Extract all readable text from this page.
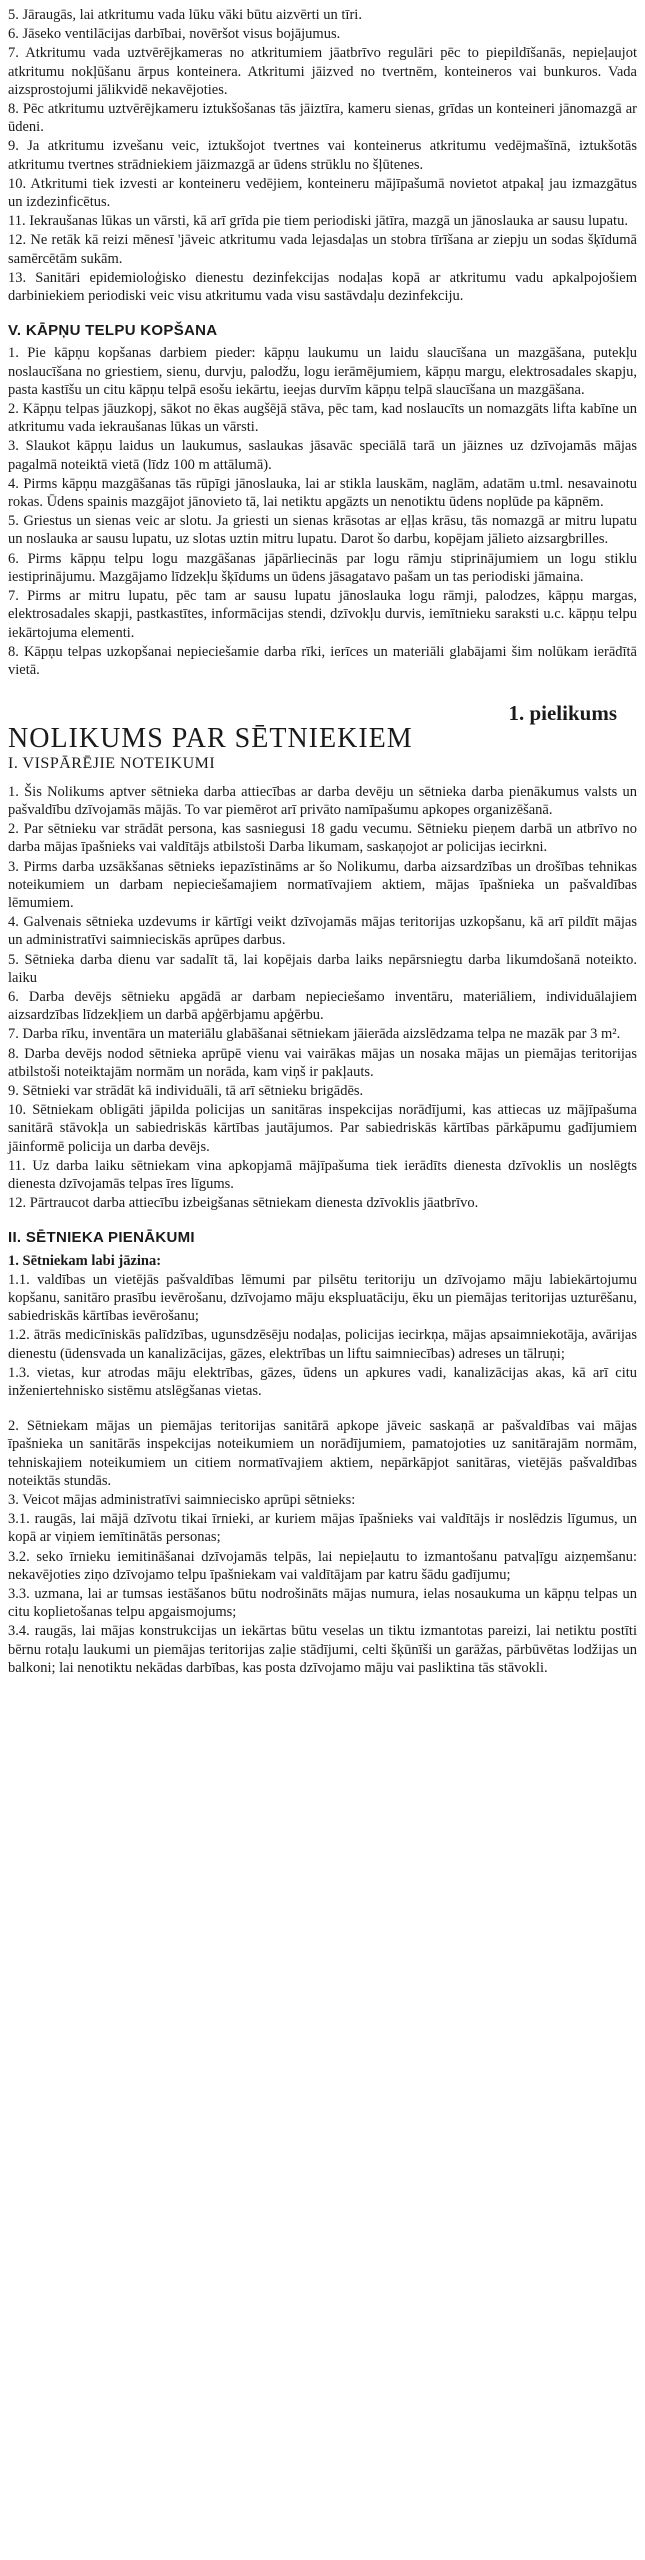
5. Jāraugās, lai atkritumu vada lūku vāki būtu aizvērti un tīri.

6. Jāseko ventilācijas darbībai, novēršot visus bojājumus.

7. Atkritumu vada uztvērējkameras no atkritumiem jāatbrīvo regulāri pēc to piepildīšanās, nepieļaujot atkritumu nokļūšanu ārpus konteinera. Atkritumi jāizved no tvertnēm, konteineros vai bunkuros. Vada aizsprostojumi jālikvidē nekavējoties.

8. Pēc atkritumu uztvērējkameru iztukšošanas tās jāiztīra, kameru sienas, grīdas un konteineri jānomazgā ar ūdeni.

9. Ja atkritumu izvešanu veic, iztukšojot tvertnes vai konteinerus atkritumu vedējmašīnā, iztukšotās atkritumu tvertnes strādniekiem jāizmazgā ar ūdens strūklu no šļūtenes.

10. Atkritumi tiek izvesti ar konteineru vedējiem, konteineru mājīpašumā novietot atpakaļ jau izmazgātus un izdezinficētus.

11. Iekraušanas lūkas un vārsti, kā arī grīda pie tiem periodiski jātīra, mazgā un jānoslauka ar sausu lupatu.

12. Ne retāk kā reizi mēnesī 'jāveic atkritumu vada lejasdaļas un stobra tīrīšana ar ziepju un sodas šķīdumā samērcētām sukām.

13. Sanitāri epidemioloģisko dienestu dezinfekcijas nodaļas kopā ar atkritumu vadu apkalpojošiem darbiniekiem periodiski veic visu atkritumu vada visu sastāvdaļu dezinfekciju.

V. KĀPŅU TELPU KOPŠANA

1. Pie kāpņu kopšanas darbiem pieder: kāpņu laukumu un laidu slaucīšana un mazgāšana, putekļu noslaucīšana no griestiem, sienu, durvju, palodžu, logu ierāmējumiem, kāpņu margu, elektrosadales skapju, pasta kastīšu un citu kāpņu telpā esošu iekārtu, ieejas durvīm kāpņu telpā slaucīšana un mazgāšana.

2. Kāpņu telpas jāuzkopj, sākot no ēkas augšējā stāva, pēc tam, kad noslaucīts un nomazgāts lifta kabīne un atkritumu vada iekraušanas lūkas un vārsti.

3. Slaukot kāpņu laidus un laukumus, saslaukas jāsavāc speciālā tarā un jāiznes uz dzīvojamās mājas pagalmā noteiktā vietā (līdz 100 m attālumā).

4. Pirms kāpņu mazgāšanas tās rūpīgi jānoslauka, lai ar stikla lauskām, naglām, adatām u.tml. nesavainotu rokas. Ūdens spainis mazgājot jānovieto tā, lai netiktu apgāzts un nenotiktu ūdens noplūde pa kāpnēm.

5. Griestus un sienas veic ar slotu. Ja griesti un sienas krāsotas ar eļļas krāsu, tās nomazgā ar mitru lupatu un noslauka ar sausu lupatu, uz slotas uztin mitru lupatu. Darot šo darbu, kopējam jālieto aizsargbrilles.

6. Pirms kāpņu telpu logu mazgāšanas jāpārliecinās par logu rāmju stiprinājumiem un logu stiklu iestiprinājumu. Mazgājamo līdzekļu šķīdums un ūdens jāsagatavo pašam un tas periodiski jāmaina.

7. Pirms ar mitru lupatu, pēc tam ar sausu lupatu jānoslauka logu rāmji, palodzes, kāpņu margas, elektrosadales skapji, pastkastītes, informācijas stendi, dzīvokļu durvis, iemītnieku saraksti u.c. kāpņu telpu iekārtojuma elementi.

8. Kāpņu telpas uzkopšanai nepieciešamie darba rīki, ierīces un materiāli glabājami šim nolūkam ierādītā vietā.

1. pielikums
NOLIKUMS PAR SĒTNIEKIEM
I. VISPĀRĒJIE NOTEIKUMI

1. Šis Nolikums aptver sētnieka darba attiecības ar darba devēju un sētnieka darba pienākumus valsts un pašvaldību dzīvojamās mājās. To var piemērot arī privāto namīpašumu apkopes organizēšanā.

2. Par sētnieku var strādāt persona, kas sasniegusi 18 gadu vecumu. Sētnieku pieņem darbā un atbrīvo no darba mājas īpašnieks vai valdītājs atbilstoši Darba likumam, saskaņojot ar policijas iecirkni.

3. Pirms darba uzsākšanas sētnieks iepazīstināms ar šo Nolikumu, darba aizsardzības un drošības tehnikas noteikumiem un darbam nepieciešamajiem normatīvajiem aktiem, mājas īpašnieka un pašvaldības lēmumiem.

4. Galvenais sētnieka uzdevums ir kārtīgi veikt dzīvojamās mājas teritorijas uzkopšanu, kā arī pildīt mājas un administratīvi saimnieciskās aprūpes darbus.

5. Sētnieka darba dienu var sadalīt tā, lai kopējais darba laiks nepārsniegtu darba likumdošanā noteikto. laiku

6. Darba devējs sētnieku apgādā ar darbam nepieciešamo inventāru, materiāliem, individuālajiem aizsardzības līdzekļiem un darbā apģērbjamu apģērbu.

7. Darba rīku, inventāra un materiālu glabāšanai sētniekam jāierāda aizslēdzama telpa ne mazāk par 3 m².

8. Darba devējs nodod sētnieka aprūpē vienu vai vairākas mājas un nosaka mājas un piemājas teritorijas atbilstoši noteiktajām normām un norāda, kam viņš ir pakļauts.

9. Sētnieki var strādāt kā individuāli, tā arī sētnieku brigādēs.

10. Sētniekam obligāti jāpilda policijas un sanitāras inspekcijas norādījumi, kas attiecas uz mājīpašuma sanitārā stāvokļa un sabiedriskās kārtības jautājumos. Par sabiedriskās kārtības pārkāpumu gadījumiem jāinformē policija un darba devējs.

11. Uz darba laiku sētniekam vina apkopjamā mājīpašuma tiek ierādīts dienesta dzīvoklis un noslēgts dienesta dzīvojamās telpas īres līgums.

12. Pārtraucot darba attiecību izbeigšanas sētniekam dienesta dzīvoklis jāatbrīvo.

II. SĒTNIEKA PIENĀKUMI
1. Sētniekam labi jāzina:

1.1. valdības un vietējās pašvaldības lēmumi par pilsētu teritoriju un dzīvojamo māju labiekārtojumu kopšanu, sanitāro prasību ievērošanu, dzīvojamo māju ekspluatāciju, ēku un piemājas teritorijas uzturēšanu, sabiedriskās kārtības ievērošanu;

1.2. ātrās medicīniskās palīdzības, ugunsdzēsēju nodaļas, policijas iecirkņa, mājas apsaimniekotāja, avārijas dienestu (ūdensvada un kanalizācijas, gāzes, elektrības un liftu saimniecības) adreses un tālruņi;

1.3. vietas, kur atrodas māju elektrības, gāzes, ūdens un apkures vadi, kanalizācijas akas, kā arī citu inženiertehnisko sistēmu atslēgšanas vietas.

2. Sētniekam mājas un piemājas teritorijas sanitārā apkope jāveic saskaņā ar pašvaldības vai mājas īpašnieka un sanitārās inspekcijas noteikumiem un norādījumiem, pamatojoties uz sanitārajām normām, tehniskajiem noteikumiem un citiem normatīvajiem aktiem, nepārkāpjot sanitāras, vietējās pašvaldības noteiktās stundās.

3. Veicot mājas administratīvi saimniecisko aprūpi sētnieks:

3.1. raugās, lai mājā dzīvotu tikai īrnieki, ar kuriem mājas īpašnieks vai valdītājs ir noslēdzis līgumus, un kopā ar viņiem iemītinātās personas;

3.2. seko īrnieku iemitināšanai dzīvojamās telpās, lai nepieļautu to izmantošanu patvaļīgu aizņemšanu: nekavējoties ziņo dzīvojamo telpu īpašniekam vai valdītājam par katru šādu gadījumu;

3.3. uzmana, lai ar tumsas iestāšanos būtu nodrošināts mājas numura, ielas nosaukuma un kāpņu telpas un citu koplietošanas telpu apgaismojums;

3.4. raugās, lai mājas konstrukcijas un iekārtas būtu veselas un tiktu izmantotas pareizi, lai netiktu postīti bērnu rotaļu laukumi un piemājas teritorijas zaļie stādījumi, celti šķūnīši un garāžas, pārbūvētas lodžijas un balkoni; lai nenotiktu nekādas darbības, kas posta dzīvojamo māju vai pasliktina tās stāvokli.
